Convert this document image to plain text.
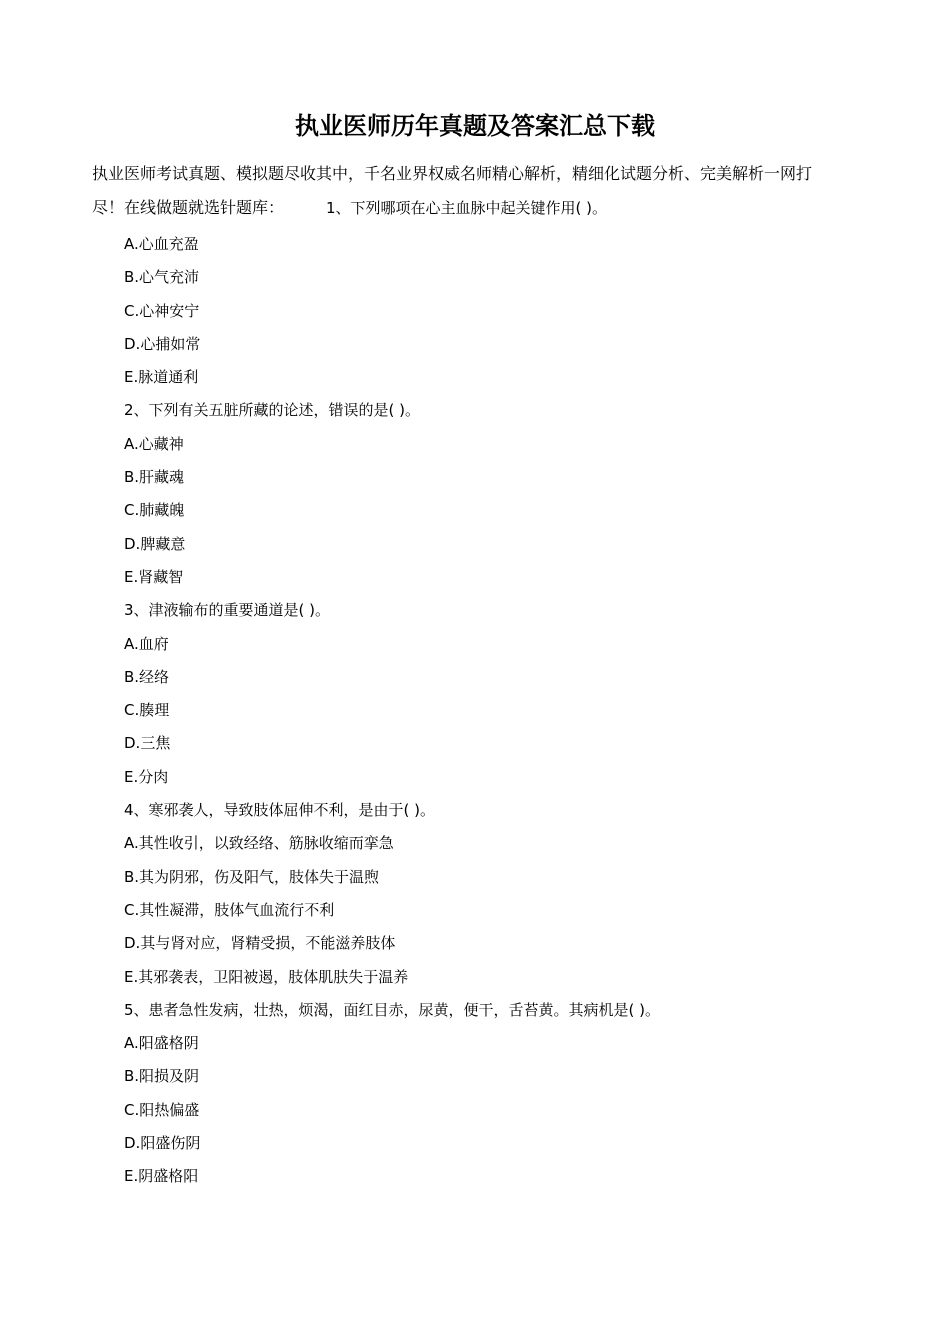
执业医师历年真题及答案汇总下载
执业医师考试真题、模拟题尽收其中，千名业界权威名师精心解析，精细化试题分析、完美解析一网打
尽！在线做题就选针题库：	1、下列哪项在心主血脉中起关键作用( )。
A.心血充盈
B.心气充沛
C.心神安宁
D.心捕如常
E.脉道通利
2、下列有关五脏所藏的论述，错误的是( )。
A.心藏神
B.肝藏魂
C.肺藏魄
D.脾藏意
E.肾藏智
3、津液输布的重要通道是( )。
A.血府
B.经络
C.腠理
D.三焦
E.分肉
4、寒邪袭人，导致肢体屈伸不利，是由于( )。
A.其性收引，以致经络、筋脉收缩而挛急
B.其为阴邪，伤及阳气，肢体失于温煦
C.其性凝滞，肢体气血流行不利
D.其与肾对应，肾精受损，不能滋养肢体
E.其邪袭表，卫阳被遏，肢体肌肤失于温养
5、患者急性发病，壮热，烦渴，面红目赤，尿黄，便干，舌苔黄。其病机是( )。
A.阳盛格阴
B.阳损及阴
C.阳热偏盛
D.阳盛伤阴
E.阴盛格阳
